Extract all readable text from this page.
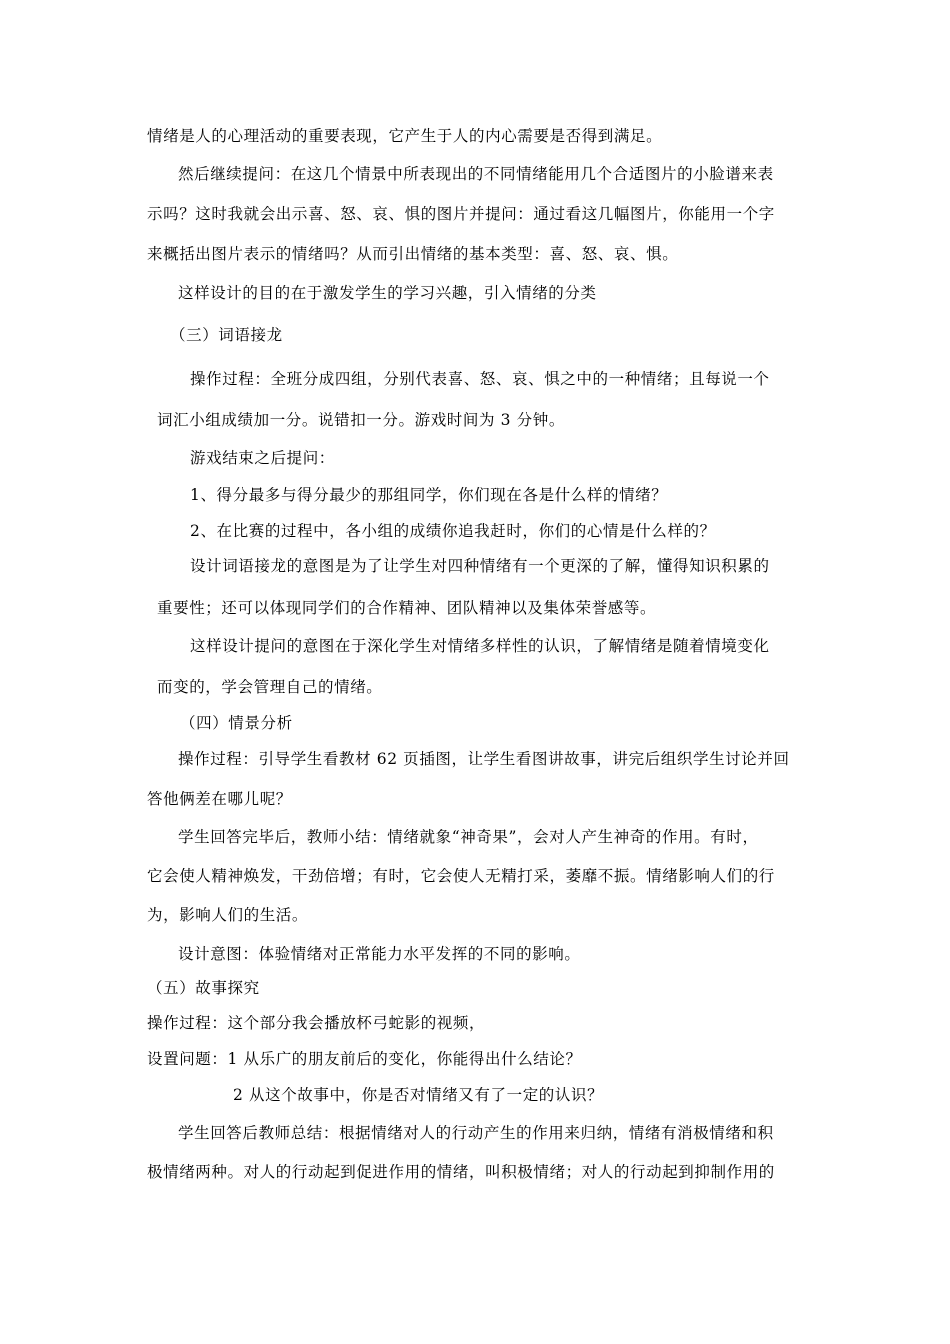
情绪是人的心理活动的重要表现，它产生于人的内心需要是否得到满足。
然后继续提问：在这几个情景中所表现出的不同情绪能用几个合适图片的小脸谱来表
示吗？这时我就会出示喜、怒、哀、惧的图片并提问：通过看这几幅图片，你能用一个字
来概括出图片表示的情绪吗？从而引出情绪的基本类型：喜、怒、哀、惧。
这样设计的目的在于激发学生的学习兴趣，引入情绪的分类
（三）词语接龙
操作过程：全班分成四组，分别代表喜、怒、哀、惧之中的一种情绪；且每说一个
词汇小组成绩加一分。说错扣一分。游戏时间为 3 分钟。
游戏结束之后提问：
1、得分最多与得分最少的那组同学，你们现在各是什么样的情绪？
2、在比赛的过程中，各小组的成绩你追我赶时，你们的心情是什么样的？
设计词语接龙的意图是为了让学生对四种情绪有一个更深的了解，懂得知识积累的
重要性；还可以体现同学们的合作精神、团队精神以及集体荣誉感等。
这样设计提问的意图在于深化学生对情绪多样性的认识，了解情绪是随着情境变化
而变的，学会管理自己的情绪。
（四）情景分析
操作过程：引导学生看教材 62 页插图，让学生看图讲故事，讲完后组织学生讨论并回
答他俩差在哪儿呢？
学生回答完毕后，教师小结：情绪就象“神奇果”，会对人产生神奇的作用。有时，
它会使人精神焕发，干劲倍增；有时，它会使人无精打采，萎靡不振。情绪影响人们的行
为，影响人们的生活。
设计意图：体验情绪对正常能力水平发挥的不同的影响。
（五）故事探究
操作过程：这个部分我会播放杯弓蛇影的视频，
设置问题：1 从乐广的朋友前后的变化，你能得出什么结论？
2 从这个故事中，你是否对情绪又有了一定的认识？
学生回答后教师总结：根据情绪对人的行动产生的作用来归纳，情绪有消极情绪和积
极情绪两种。对人的行动起到促进作用的情绪，叫积极情绪；对人的行动起到抑制作用的
